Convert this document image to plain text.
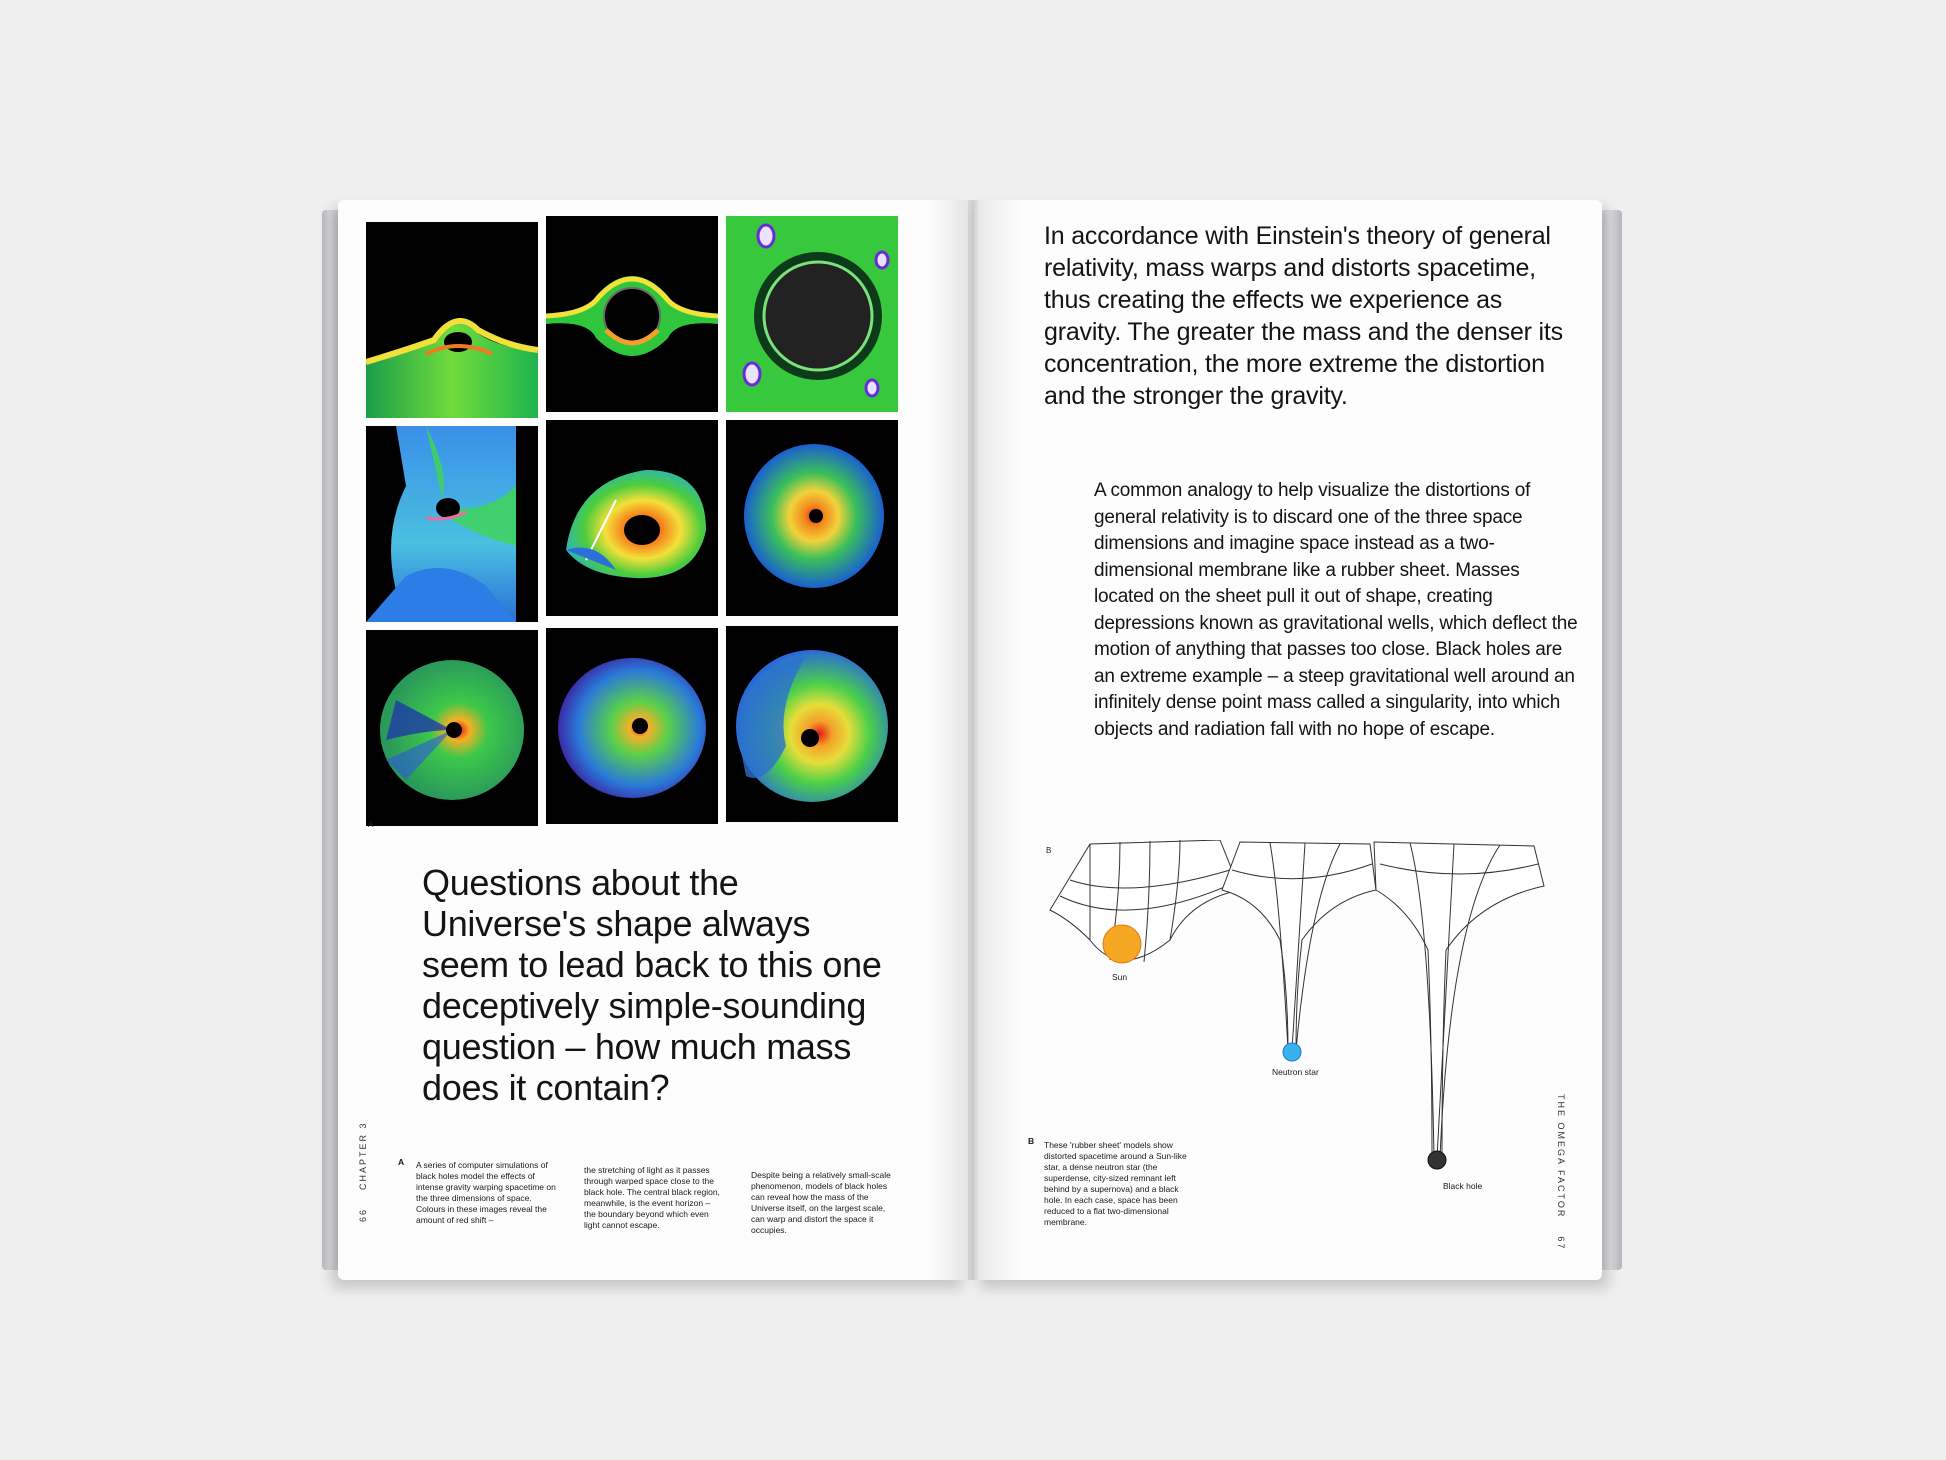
A
Questions about the Universe's shape always seem to lead back to this one deceptively simple-sounding question – how much mass does it contain?
66    CHAPTER 3	A	A series of computer simulations of black holes model the effects of intense gravity warping spacetime on the three dimensions of space. Colours in these images reveal the amount of red shift –
the stretching of light as it passes through warped space close to the black hole. The central black region, meanwhile, is the event horizon – the boundary beyond which even light cannot escape.
Despite being a relatively small-scale phenomenon, models of black holes can reveal how the mass of the Universe itself, on the largest scale, can warp and distort the space it occupies.
In accordance with Einstein's theory of general relativity, mass warps and distorts spacetime, thus creating the effects we experience as gravity. The greater the mass and the denser its concentration, the more extreme the distortion and the stronger the gravity.
A common analogy to help visualize the distortions of general relativity is to discard one of the three space dimensions and imagine space instead as a two-dimensional membrane like a rubber sheet. Masses located on the sheet pull it out of shape, creating depressions known as gravitational wells, which deflect the motion of anything that passes too close. Black holes are an extreme example – a steep gravitational well around an infinitely dense point mass called a singularity, into which objects and radiation fall with no hope of escape.
B
Sun
Neutron star
Black hole
B	These 'rubber sheet' models show distorted spacetime around a Sun-like star, a dense neutron star (the superdense, city-sized remnant left behind by a supernova) and a black hole. In each case, space has been reduced to a flat two-dimensional membrane.
THE OMEGA FACTOR    67
